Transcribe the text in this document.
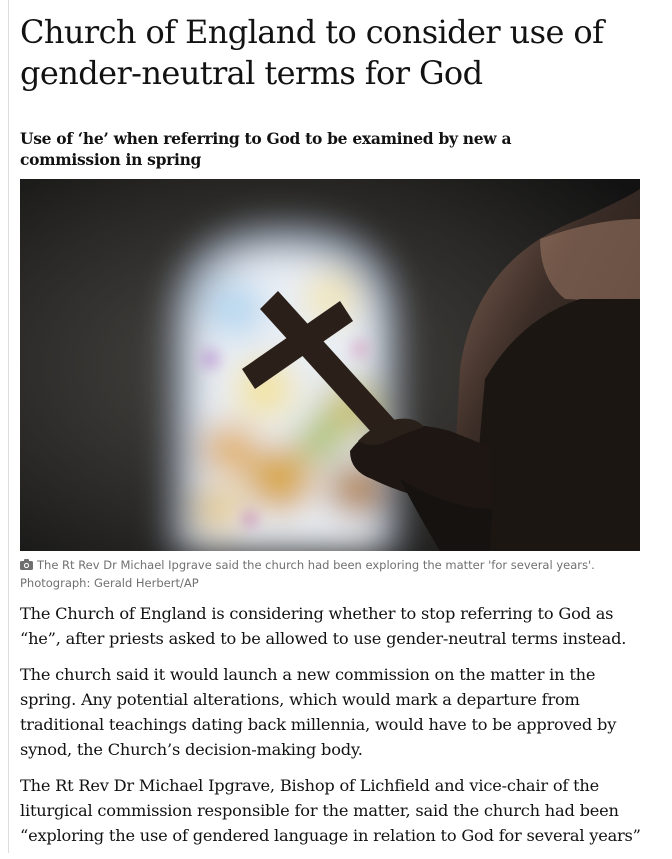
Church of England to consider use of gender-neutral terms for God
Use of ‘he’ when referring to God to be examined by new a commission in spring
The Rt Rev Dr Michael Ipgrave said the church had been exploring the matter 'for several years'.
Photograph: Gerald Herbert/AP

The Church of England is considering whether to stop referring to God as “he”, after priests asked to be allowed to use gender-neutral terms instead.

The church said it would launch a new commission on the matter in the spring. Any potential alterations, which would mark a departure from traditional teachings dating back millennia, would have to be approved by synod, the Church’s decision-making body.

The Rt Rev Dr Michael Ipgrave, Bishop of Lichfield and vice-chair of the liturgical commission responsible for the matter, said the church had been “exploring the use of gendered language in relation to God for several years”
